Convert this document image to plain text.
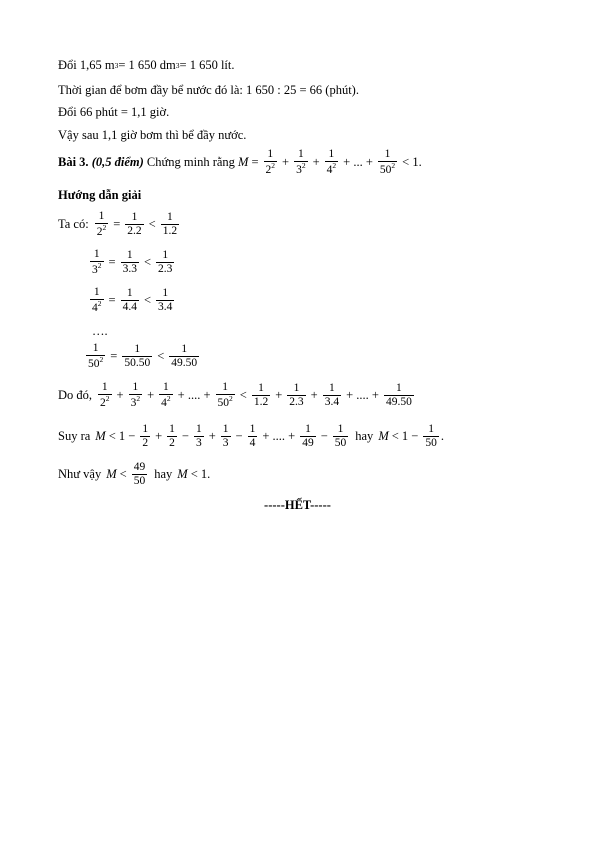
Đổi 1,65 m 3 = 1 650 dm 3 = 1 650 lít.
Thời gian để bơm đầy bể nước đó là: 1 650 : 25 = 66 (phút).
Đổi 66 phút = 1,1 giờ.
Vậy sau 1,1 giờ bơm thì bể đầy nước.
Bài 3.
(0,5 điểm)
Chứng minh rằng
$M = \frac{1}{2^2} + \frac{1}{3^2} + \frac{1}{4^2}$ + ... + $\frac{1}{50^2} < 1$.
Hướng dẫn giải
Ta có: $\frac{1}{2^2} = \frac{1}{2.2} < \frac{1}{1.2}$
$\frac{1}{3^2} = \frac{1}{3.3} < \frac{1}{2.3}$
$\frac{1}{4^2} = \frac{1}{4.4} < \frac{1}{3.4}$
….
$\frac{1}{50^2} = \frac{1}{50.50} < \frac{1}{49.50}$
Do đó, $\frac{1}{2^2} + \frac{1}{3^2} + \frac{1}{4^2}$ + .... + $\frac{1}{50^2} < \frac{1}{1.2} + \frac{1}{2.3} + \frac{1}{3.4}$ + .... + $\frac{1}{49.50}$
Suy ra $M < 1 - \frac{1}{2} + \frac{1}{2} - \frac{1}{3} + \frac{1}{3} - \frac{1}{4}$ + .... + $\frac{1}{49} - \frac{1}{50}$ hay $M < 1 - \frac{1}{50}$ .
Như vậy $M < \frac{49}{50}$ hay M < 1.
-----HẾT-----
